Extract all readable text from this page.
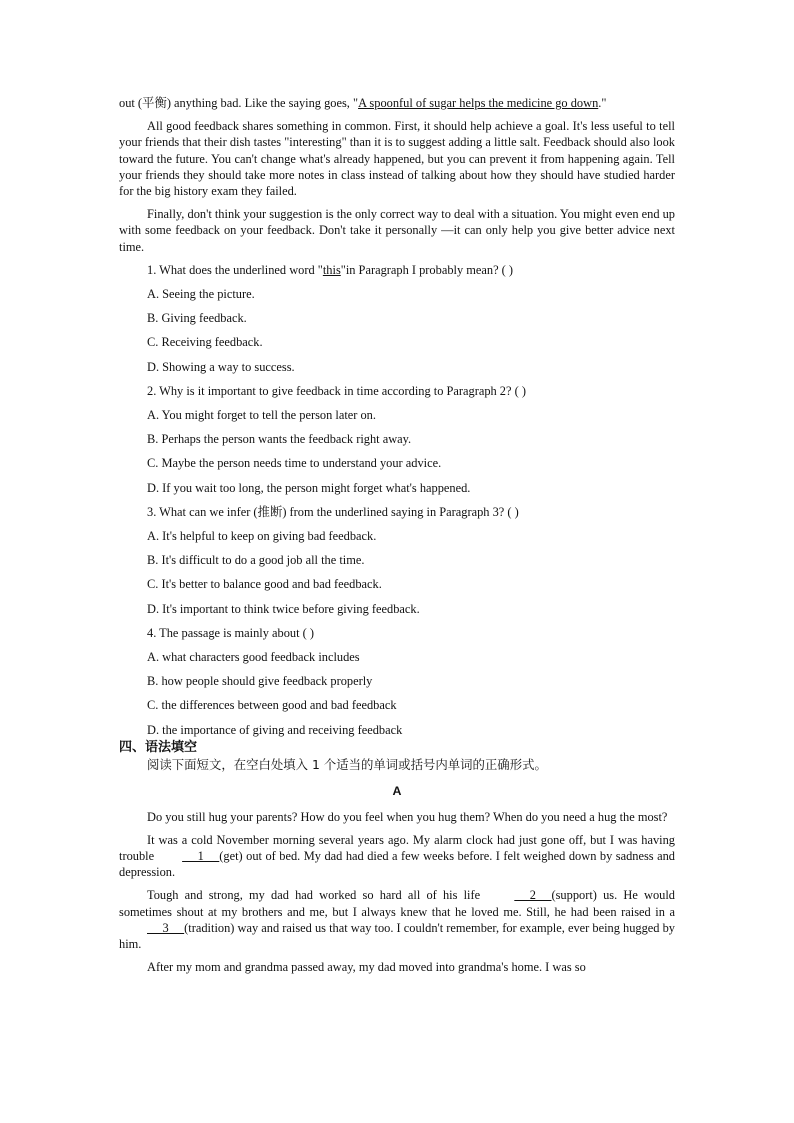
out (平衡) anything bad. Like the saying goes, "A spoonful of sugar helps the medicine go down."

All good feedback shares something in common. First, it should help achieve a goal. It's less useful to tell your friends that their dish tastes "interesting" than it is to suggest adding a little salt. Feedback should also look toward the future. You can't change what's already happened, but you can prevent it from happening again. Tell your friends they should take more notes in class instead of talking about how they should have studied harder for the big history exam they failed.

Finally, don't think your suggestion is the only correct way to deal with a situation. You might even end up with some feedback on your feedback. Don't take it personally —it can only help you give better advice next time.

1. What does the underlined word "this"in Paragraph I probably mean? ( )

A. Seeing the picture.

B. Giving feedback.

C. Receiving feedback.

D. Showing a way to success.

2. Why is it important to give feedback in time according to Paragraph 2? ( )

A. You might forget to tell the person later on.

B. Perhaps the person wants the feedback right away.

C. Maybe the person needs time to understand your advice.

D. If you wait too long, the person might forget what's happened.

3. What can we infer (推断) from the underlined saying in Paragraph 3? ( )

A. It's helpful to keep on giving bad feedback.

B. It's difficult to do a good job all the time.

C. It's better to balance good and bad feedback.

D. It's important to think twice before giving feedback.

4. The passage is mainly about ( )

A. what characters good feedback includes

B. how people should give feedback properly

C. the differences between good and bad feedback

D. the importance of giving and receiving feedback

四、语法填空

阅读下面短文，在空白处填入 1 个适当的单词或括号内单词的正确形式。

A

Do you still hug your parents? How do you feel when you hug them? When do you need a hug the most?

It was a cold November morning several years ago. My alarm clock had just gone off, but I was having trouble     1     (get) out of bed. My dad had died a few weeks before. I felt weighed down by sadness and depression.

Tough and strong, my dad had worked so hard all of his life	2     (support) us. He would sometimes shout at my brothers and me, but I always knew that he loved me. Still, he had been raised in a     3     (tradition) way and raised us that way too. I couldn't remember, for example, ever being hugged by him.

After my mom and grandma passed away, my dad moved into grandma's home. I was so
